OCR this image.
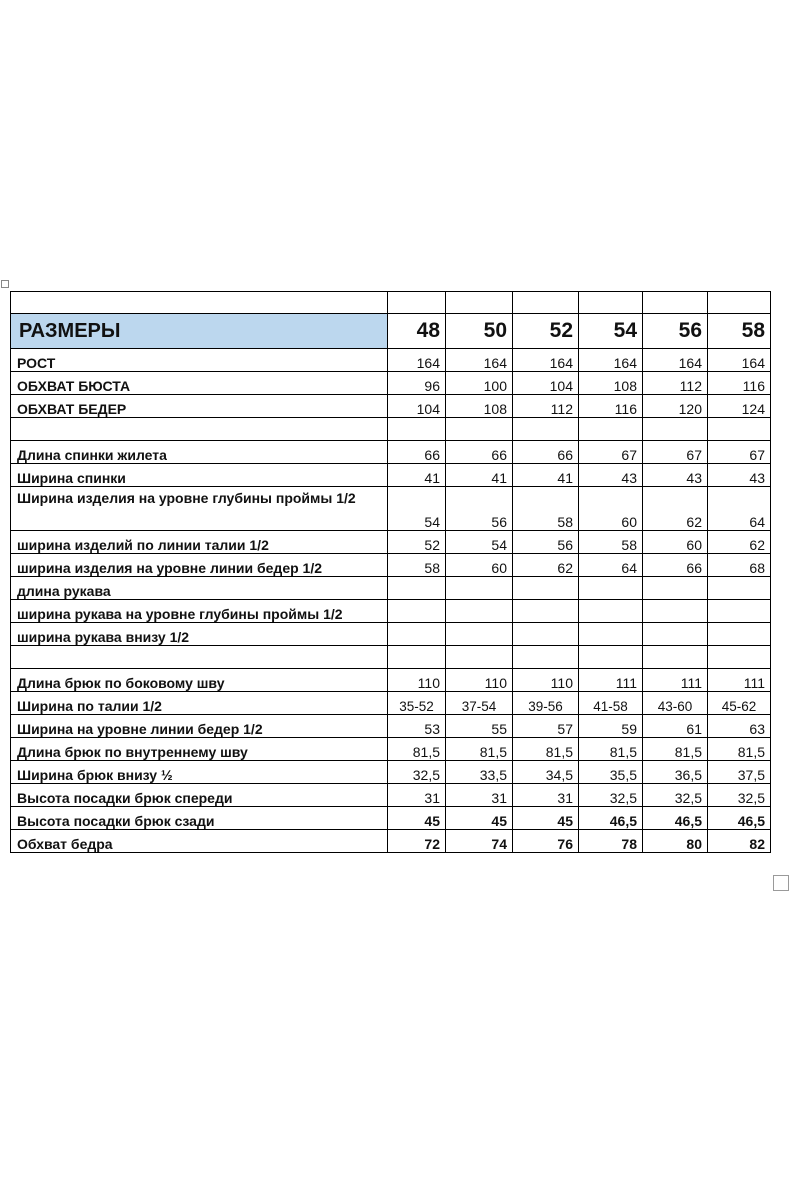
РАЗМЕРЫ	48	50	52	54	56	58
РОСТ	164	164	164	164	164	164
ОБХВАТ БЮСТА	96	100	104	108	112	116
ОБХВАТ БЕДЕР	104	108	112	116	120	124

Длина спинки жилета	66	66	66	67	67	67
Ширина спинки	41	41	41	43	43	43
Ширина изделия на уровне глубины проймы 1/2	54	56	58	60	62	64
ширина изделий по линии талии 1/2	52	54	56	58	60	62
ширина изделия на уровне линии бедер 1/2	58	60	62	64	66	68
длина рукава						
ширина рукава на уровне глубины проймы 1/2						
ширина рукава внизу 1/2						

Длина брюк по боковому шву	110	110	110	111	111	111
Ширина по талии 1/2	35-52	37-54	39-56	41-58	43-60	45-62
Ширина на уровне линии бедер 1/2	53	55	57	59	61	63
Длина брюк по внутреннему шву	81,5	81,5	81,5	81,5	81,5	81,5
Ширина брюк внизу ½	32,5	33,5	34,5	35,5	36,5	37,5
Высота посадки брюк спереди	31	31	31	32,5	32,5	32,5
Высота посадки брюк сзади	45	45	45	46,5	46,5	46,5
Обхват бедра	72	74	76	78	80	82
